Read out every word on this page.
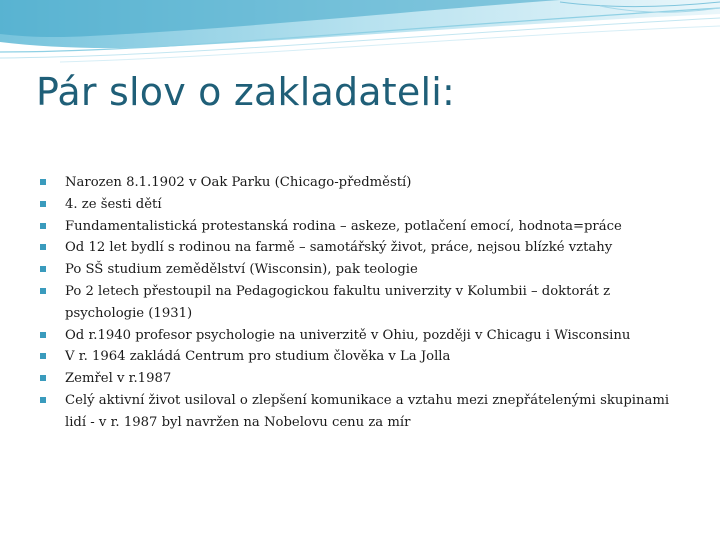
Pár slov o zakladateli:
Narozen 8.1.1902 v Oak Parku (Chicago-předměstí)
4. ze šesti dětí
Fundamentalistická protestanská rodina – askeze, potlačení emocí, hodnota=práce
Od 12 let bydlí s rodinou na farmě – samotářský život, práce, nejsou blízké vztahy
Po SŠ studium zemědělství (Wisconsin), pak teologie
Po 2 letech přestoupil na Pedagogickou fakultu univerzity v Kolumbii – doktorát z psychologie (1931)
Od r.1940 profesor psychologie na univerzitě v Ohiu, později v Chicagu i Wisconsinu
V r. 1964 zakládá Centrum pro studium člověka v La Jolla
Zemřel v r.1987
Celý aktivní život usiloval o zlepšení komunikace a vztahu mezi znepřátelenými skupinami lidí - v r. 1987 byl navržen na Nobelovu cenu za mír
